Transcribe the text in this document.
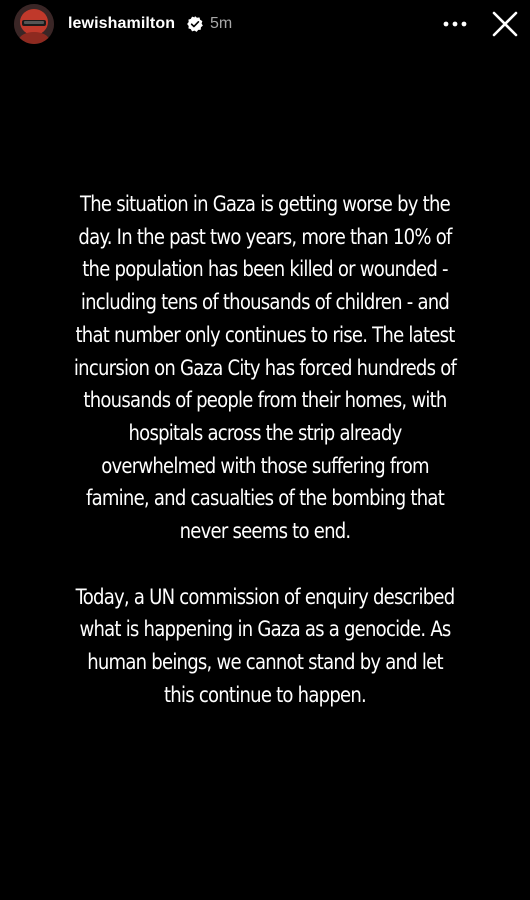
lewishamilton 5m

The situation in Gaza is getting worse by the day. In the past two years, more than 10% of the population has been killed or wounded - including tens of thousands of children - and that number only continues to rise. The latest incursion on Gaza City has forced hundreds of thousands of people from their homes, with hospitals across the strip already overwhelmed with those suffering from famine, and casualties of the bombing that never seems to end.

Today, a UN commission of enquiry described what is happening in Gaza as a genocide. As human beings, we cannot stand by and let this continue to happen.
